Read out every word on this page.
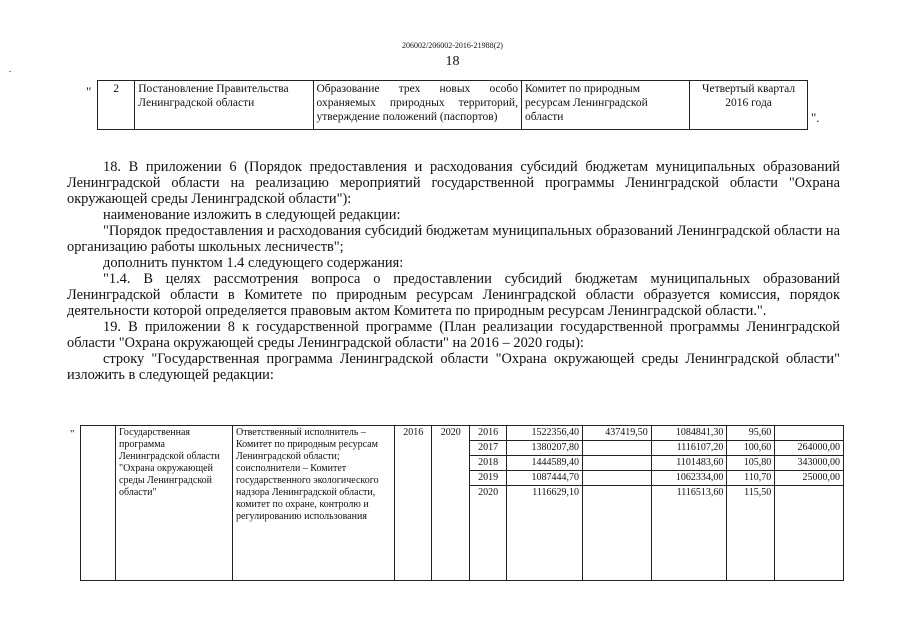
206002/206002-2016-21988(2)
18
.
" 2	Постановление Правительства Ленинградской области	Образование трех новых особо охраняемых природных территорий, утверждение положений (паспортов)	Комитет по природным ресурсам Ленинградской области	Четвертый квартал 2016 года
".

18. В приложении 6 (Порядок предоставления и расходования субсидий бюджетам муниципальных образований Ленинградской области на реализацию мероприятий государственной программы Ленинградской области "Охрана окружающей среды Ленинградской области"):

наименование изложить в следующей редакции:

"Порядок предоставления и расходования субсидий бюджетам муниципальных образований Ленинградской области на организацию работы школьных лесничеств";

дополнить пунктом 1.4 следующего содержания:

"1.4. В целях рассмотрения вопроса о предоставлении субсидий бюджетам муниципальных образований Ленинградской области в Комитете по природным ресурсам Ленинградской области образуется комиссия, порядок деятельности которой определяется правовым актом Комитета по природным ресурсам Ленинградской области.".

19. В приложении 8 к государственной программе (План реализации государственной программы Ленинградской области "Охрана окружающей среды Ленинградской области" на 2016 – 2020 годы):

строку "Государственная программа Ленинградской области "Охрана окружающей среды Ленинградской области" изложить в следующей редакции:

"
		Государственная программа Ленинградской области "Охрана окружающей среды Ленинградской области"	Ответственный исполнитель – Комитет по природным ресурсам Ленинградской области; соисполнители – Комитет государственного экологического надзора Ленинградской области, комитет по охране, контролю и регулированию использования	2016	2020	2016	1522356,40	437419,50	1084841,30	95,60	
					2017	1380207,80		1116107,20	100,60	264000,00
					2018	1444589,40		1101483,60	105,80	343000,00
					2019	1087444,70		1062334,00	110,70	25000,00
					2020	1116629,10		1116513,60	115,50	
